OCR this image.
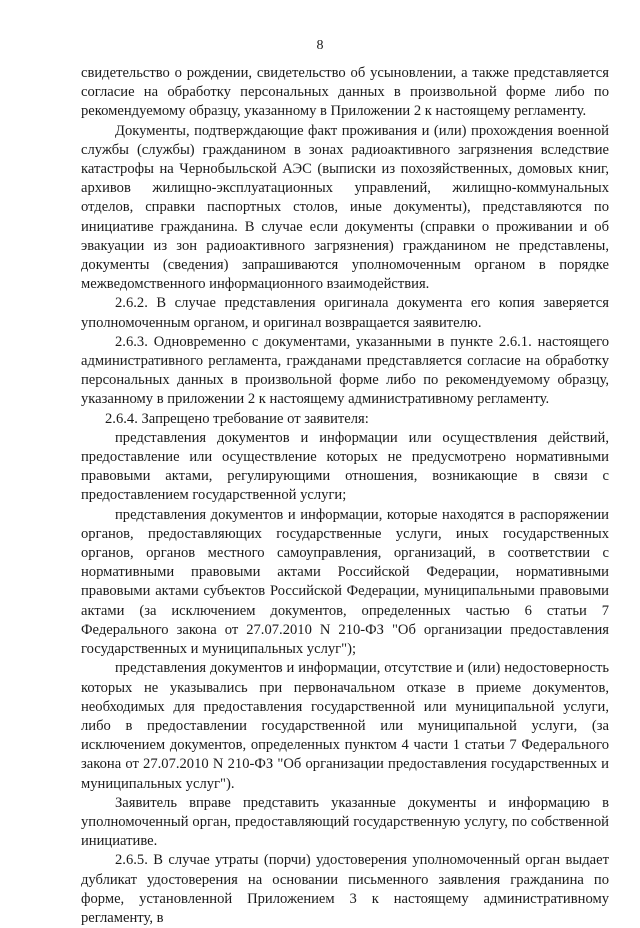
8

свидетельство о рождении, свидетельство об усыновлении, а также представляется согласие на обработку персональных данных в произвольной форме либо по рекомендуемому образцу, указанному в Приложении 2 к настоящему регламенту.

Документы, подтверждающие факт проживания и (или) прохождения военной службы (службы) гражданином в зонах радиоактивного загрязнения вследствие катастрофы на Чернобыльской АЭС (выписки из похозяйственных, домовых книг, архивов жилищно-эксплуатационных управлений, жилищно-коммунальных отделов, справки паспортных столов, иные документы), представляются по инициативе гражданина. В случае если документы (справки о проживании и об эвакуации из зон радиоактивного загрязнения) гражданином не представлены, документы (сведения) запрашиваются уполномоченным органом в порядке межведомственного информационного взаимодействия.

2.6.2. В случае представления оригинала документа его копия заверяется уполномоченным органом, и оригинал возвращается заявителю.

2.6.3. Одновременно с документами, указанными в пункте 2.6.1. настоящего административного регламента, гражданами представляется согласие на обработку персональных данных в произвольной форме либо по рекомендуемому образцу, указанному в приложении 2 к настоящему административному регламенту.

2.6.4. Запрещено требование от заявителя:

представления документов и информации или осуществления действий, предоставление или осуществление которых не предусмотрено нормативными правовыми актами, регулирующими отношения, возникающие в связи с предоставлением государственной услуги;

представления документов и информации, которые находятся в распоряжении органов, предоставляющих государственные услуги, иных государственных органов, органов местного самоуправления, организаций, в соответствии с нормативными правовыми актами Российской Федерации, нормативными правовыми актами субъектов Российской Федерации, муниципальными правовыми актами (за исключением документов, определенных частью 6 статьи 7 Федерального закона от 27.07.2010 N 210-ФЗ "Об организации предоставления государственных и муниципальных услуг");

представления документов и информации, отсутствие и (или) недостоверность которых не указывались при первоначальном отказе в приеме документов, необходимых для предоставления государственной или муниципальной услуги, либо в предоставлении государственной или муниципальной услуги, (за исключением документов, определенных пунктом 4 части 1 статьи 7 Федерального закона от 27.07.2010 N 210-ФЗ "Об организации предоставления государственных и муниципальных услуг").

Заявитель вправе представить указанные документы и информацию в уполномоченный орган, предоставляющий государственную услугу, по собственной инициативе.

2.6.5. В случае утраты (порчи) удостоверения уполномоченный орган выдает дубликат удостоверения на основании письменного заявления гражданина по форме, установленной Приложением 3 к настоящему административному регламенту, в
